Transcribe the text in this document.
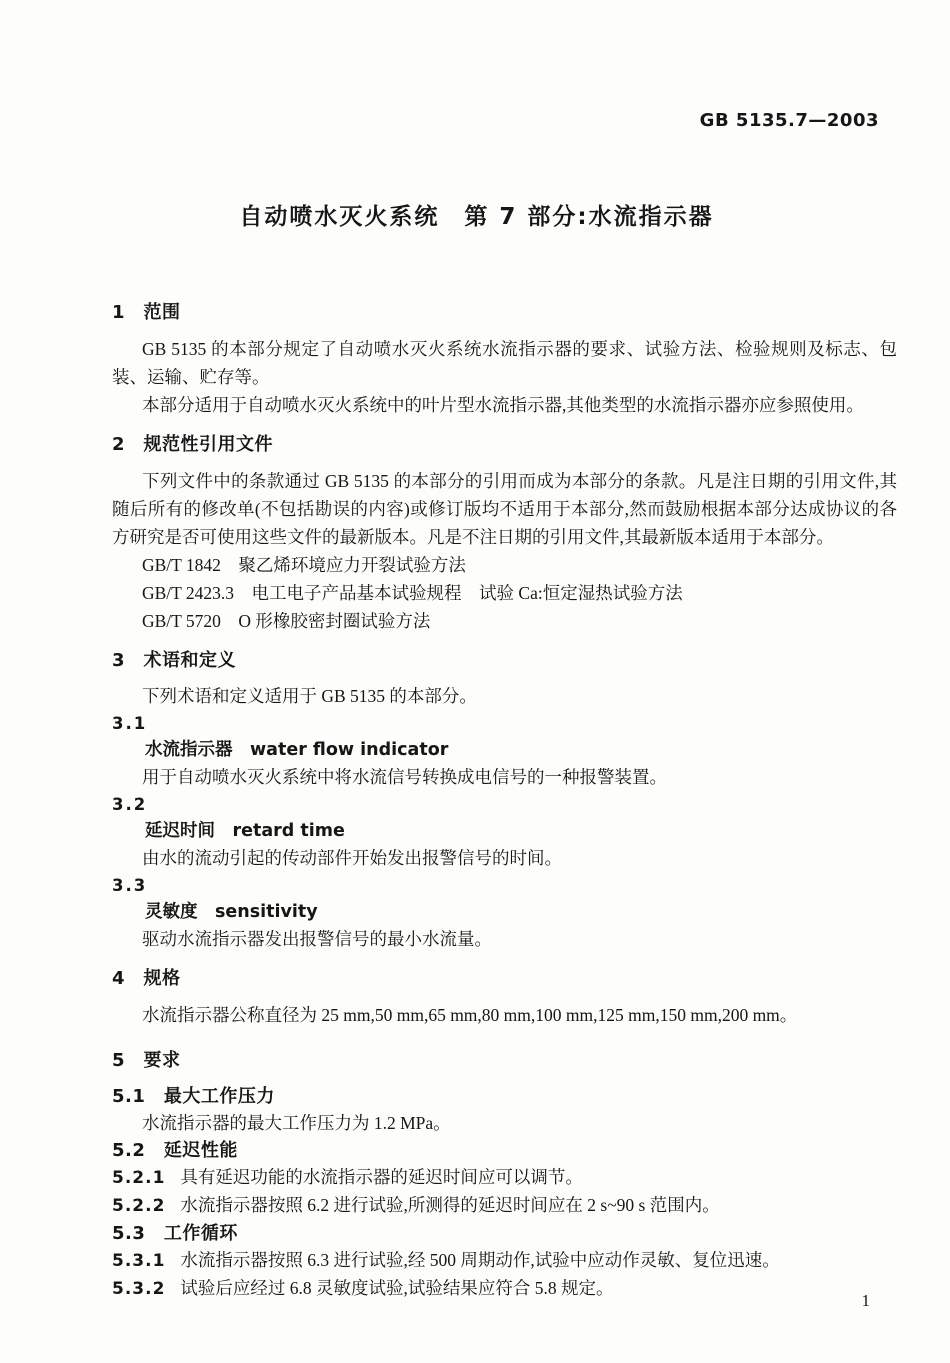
GB 5135.7—2003
自动喷水灭火系统　第 7 部分:水流指示器
1　范围

GB 5135 的本部分规定了自动喷水灭火系统水流指示器的要求、试验方法、检验规则及标志、包装、运输、贮存等。

本部分适用于自动喷水灭火系统中的叶片型水流指示器,其他类型的水流指示器亦应参照使用。

2　规范性引用文件

下列文件中的条款通过 GB 5135 的本部分的引用而成为本部分的条款。凡是注日期的引用文件,其随后所有的修改单(不包括勘误的内容)或修订版均不适用于本部分,然而鼓励根据本部分达成协议的各方研究是否可使用这些文件的最新版本。凡是不注日期的引用文件,其最新版本适用于本部分。

GB/T 1842　聚乙烯环境应力开裂试验方法

GB/T 2423.3　电工电子产品基本试验规程　试验 Ca:恒定湿热试验方法

GB/T 5720　O 形橡胶密封圈试验方法

3　术语和定义

下列术语和定义适用于 GB 5135 的本部分。

3.1
水流指示器　water flow indicator

用于自动喷水灭火系统中将水流信号转换成电信号的一种报警装置。

3.2
延迟时间　retard time

由水的流动引起的传动部件开始发出报警信号的时间。

3.3
灵敏度　sensitivity

驱动水流指示器发出报警信号的最小水流量。

4　规格

水流指示器公称直径为 25 mm,50 mm,65 mm,80 mm,100 mm,125 mm,150 mm,200 mm。

5　要求
5.1　最大工作压力

水流指示器的最大工作压力为 1.2 MPa。

5.2　延迟性能

5.2.1 具有延迟功能的水流指示器的延迟时间应可以调节。

5.2.2 水流指示器按照 6.2 进行试验,所测得的延迟时间应在 2 s~90 s 范围内。

5.3　工作循环

5.3.1 水流指示器按照 6.3 进行试验,经 500 周期动作,试验中应动作灵敏、复位迅速。

5.3.2 试验后应经过 6.8 灵敏度试验,试验结果应符合 5.8 规定。

1
